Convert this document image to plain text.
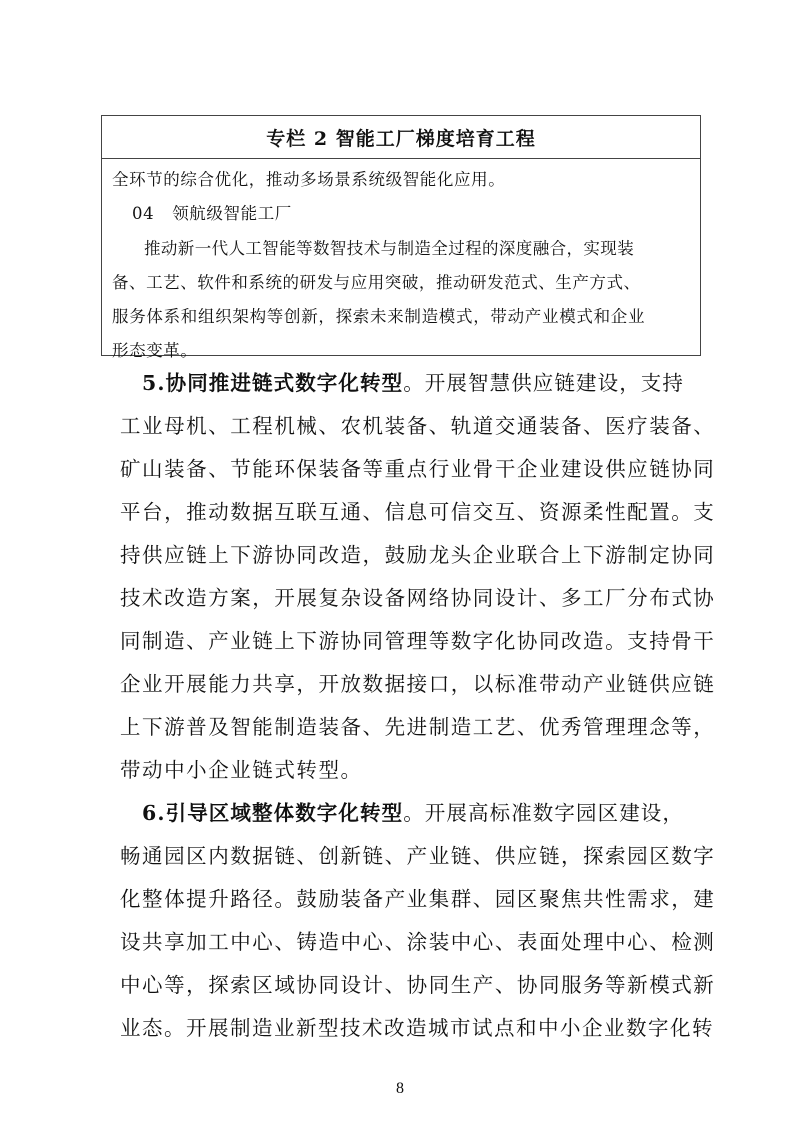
专栏 2 智能工厂梯度培育工程
全环节的综合优化，推动多场景系统级智能化应用。
04 领航级智能工厂
推动新一代人工智能等数智技术与制造全过程的深度融合，实现装
备、工艺、软件和系统的研发与应用突破，推动研发范式、生产方式、
服务体系和组织架构等创新，探索未来制造模式，带动产业模式和企业
形态变革。
5.协同推进链式数字化转型。开展智慧供应链建设，支持
工业母机、工程机械、农机装备、轨道交通装备、医疗装备、
矿山装备、节能环保装备等重点行业骨干企业建设供应链协同
平台，推动数据互联互通、信息可信交互、资源柔性配置。支
持供应链上下游协同改造，鼓励龙头企业联合上下游制定协同
技术改造方案，开展复杂设备网络协同设计、多工厂分布式协
同制造、产业链上下游协同管理等数字化协同改造。支持骨干
企业开展能力共享，开放数据接口，以标准带动产业链供应链
上下游普及智能制造装备、先进制造工艺、优秀管理理念等，
带动中小企业链式转型。
6.引导区域整体数字化转型。开展高标准数字园区建设，
畅通园区内数据链、创新链、产业链、供应链，探索园区数字
化整体提升路径。鼓励装备产业集群、园区聚焦共性需求，建
设共享加工中心、铸造中心、涂装中心、表面处理中心、检测
中心等，探索区域协同设计、协同生产、协同服务等新模式新
业态。开展制造业新型技术改造城市试点和中小企业数字化转
8
